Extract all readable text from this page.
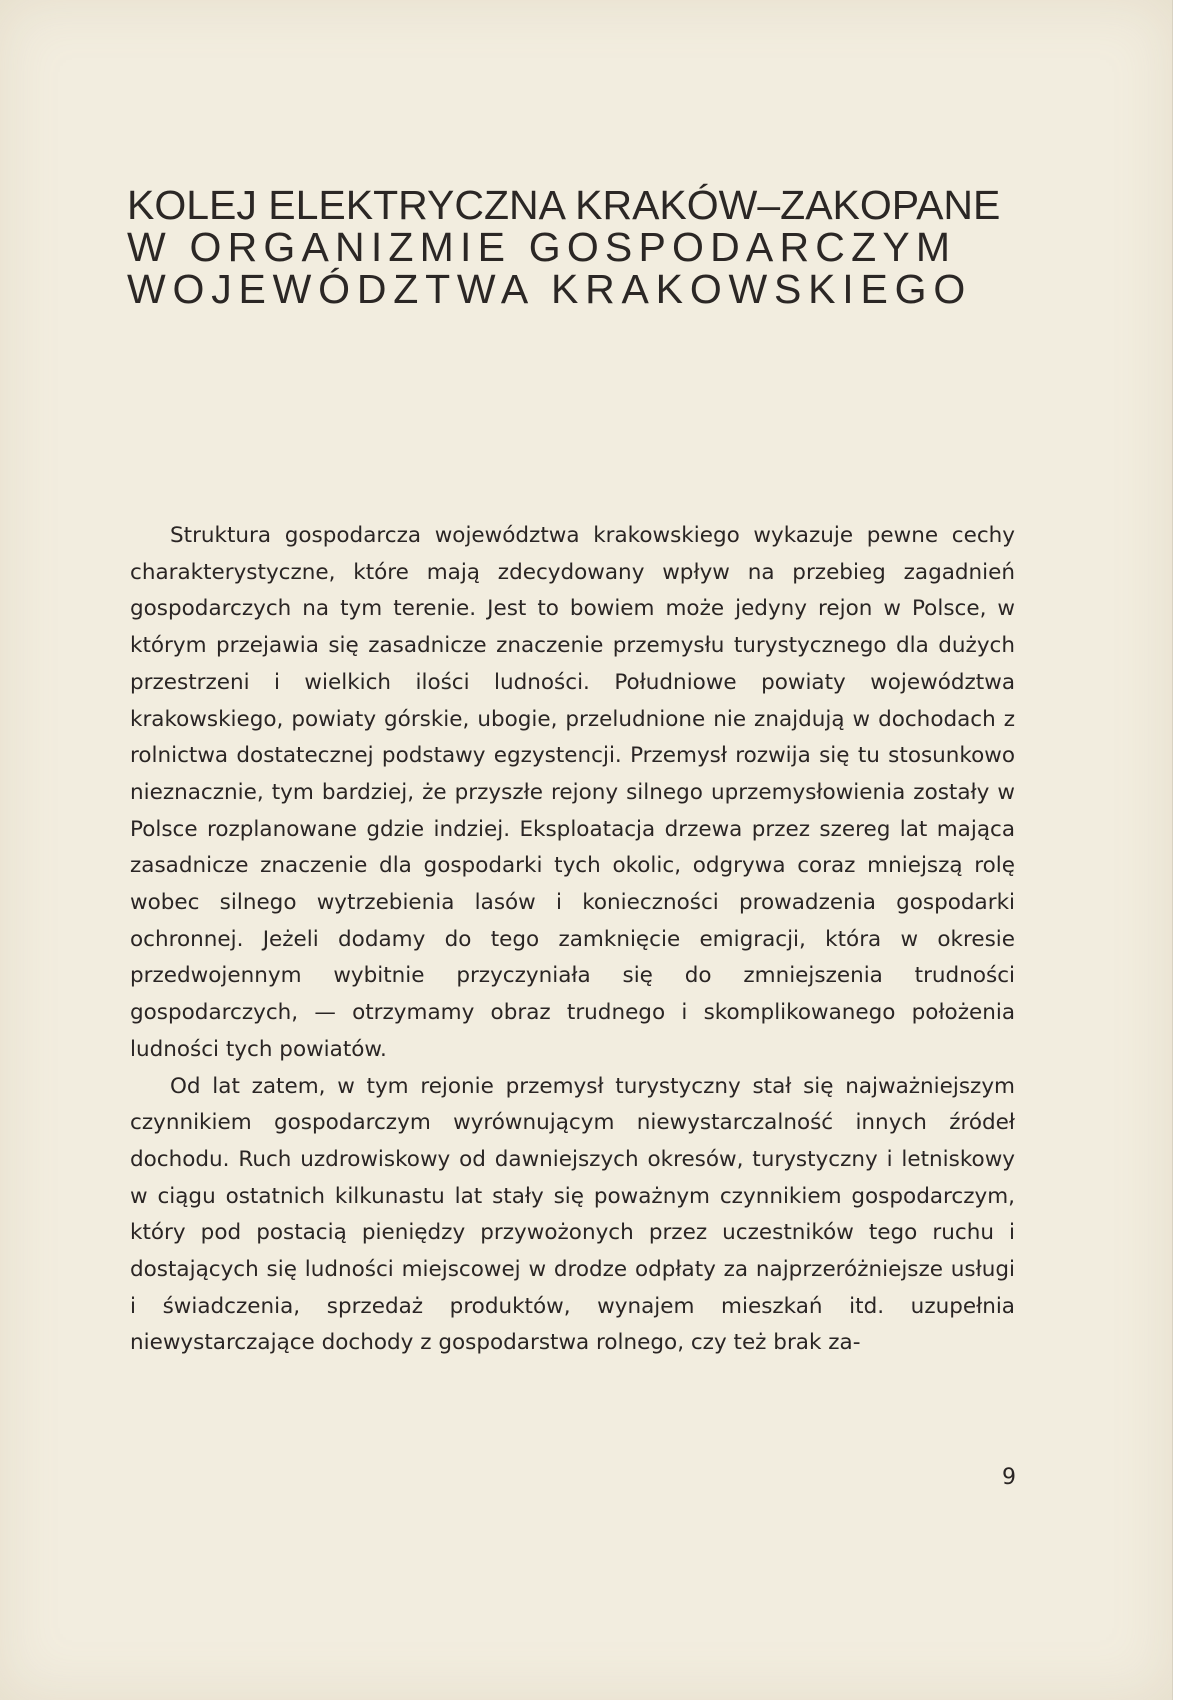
KOLEJ ELEKTRYCZNA KRAKÓW–ZAKOPANE
W ORGANIZMIE GOSPODARCZYM
WOJEWÓDZTWA KRAKOWSKIEGO

Struktura gospodarcza województwa krakowskiego wykazuje pewne cechy charakterystyczne, które mają zdecydowany wpływ na przebieg zagadnień gospodarczych na tym terenie. Jest to bowiem może jedyny rejon w Polsce, w którym przejawia się zasadnicze znaczenie przemysłu turystycznego dla dużych przestrzeni i wielkich ilości ludności. Południowe powiaty województwa krakowskiego, powiaty górskie, ubogie, przeludnione nie znajdują w dochodach z rolnictwa dostatecznej podstawy egzystencji. Przemysł rozwija się tu stosunkowo nieznacznie, tym bardziej, że przyszłe rejony silnego uprzemysłowienia zostały w Polsce rozplanowane gdzie indziej. Eksploatacja drzewa przez szereg lat mająca zasadnicze znaczenie dla gospodarki tych okolic, odgrywa coraz mniejszą rolę wobec silnego wytrzebienia lasów i konieczności prowadzenia gospodarki ochronnej. Jeżeli dodamy do tego zamknięcie emigracji, która w okresie przedwojennym wybitnie przyczyniała się do zmniejszenia trudności gospodarczych, — otrzymamy obraz trudnego i skomplikowanego położenia ludności tych powiatów.

Od lat zatem, w tym rejonie przemysł turystyczny stał się najważniejszym czynnikiem gospodarczym wyrównującym niewystarczalność innych źródeł dochodu. Ruch uzdrowiskowy od dawniejszych okresów, turystyczny i letniskowy w ciągu ostatnich kilkunastu lat stały się poważnym czynnikiem gospodarczym, który pod postacią pieniędzy przywożonych przez uczestników tego ruchu i dostających się ludności miejscowej w drodze odpłaty za najprzeróżniejsze usługi i świadczenia, sprzedaż produktów, wynajem mieszkań itd. uzupełnia niewystarczające dochody z gospodarstwa rolnego, czy też brak za-

9
